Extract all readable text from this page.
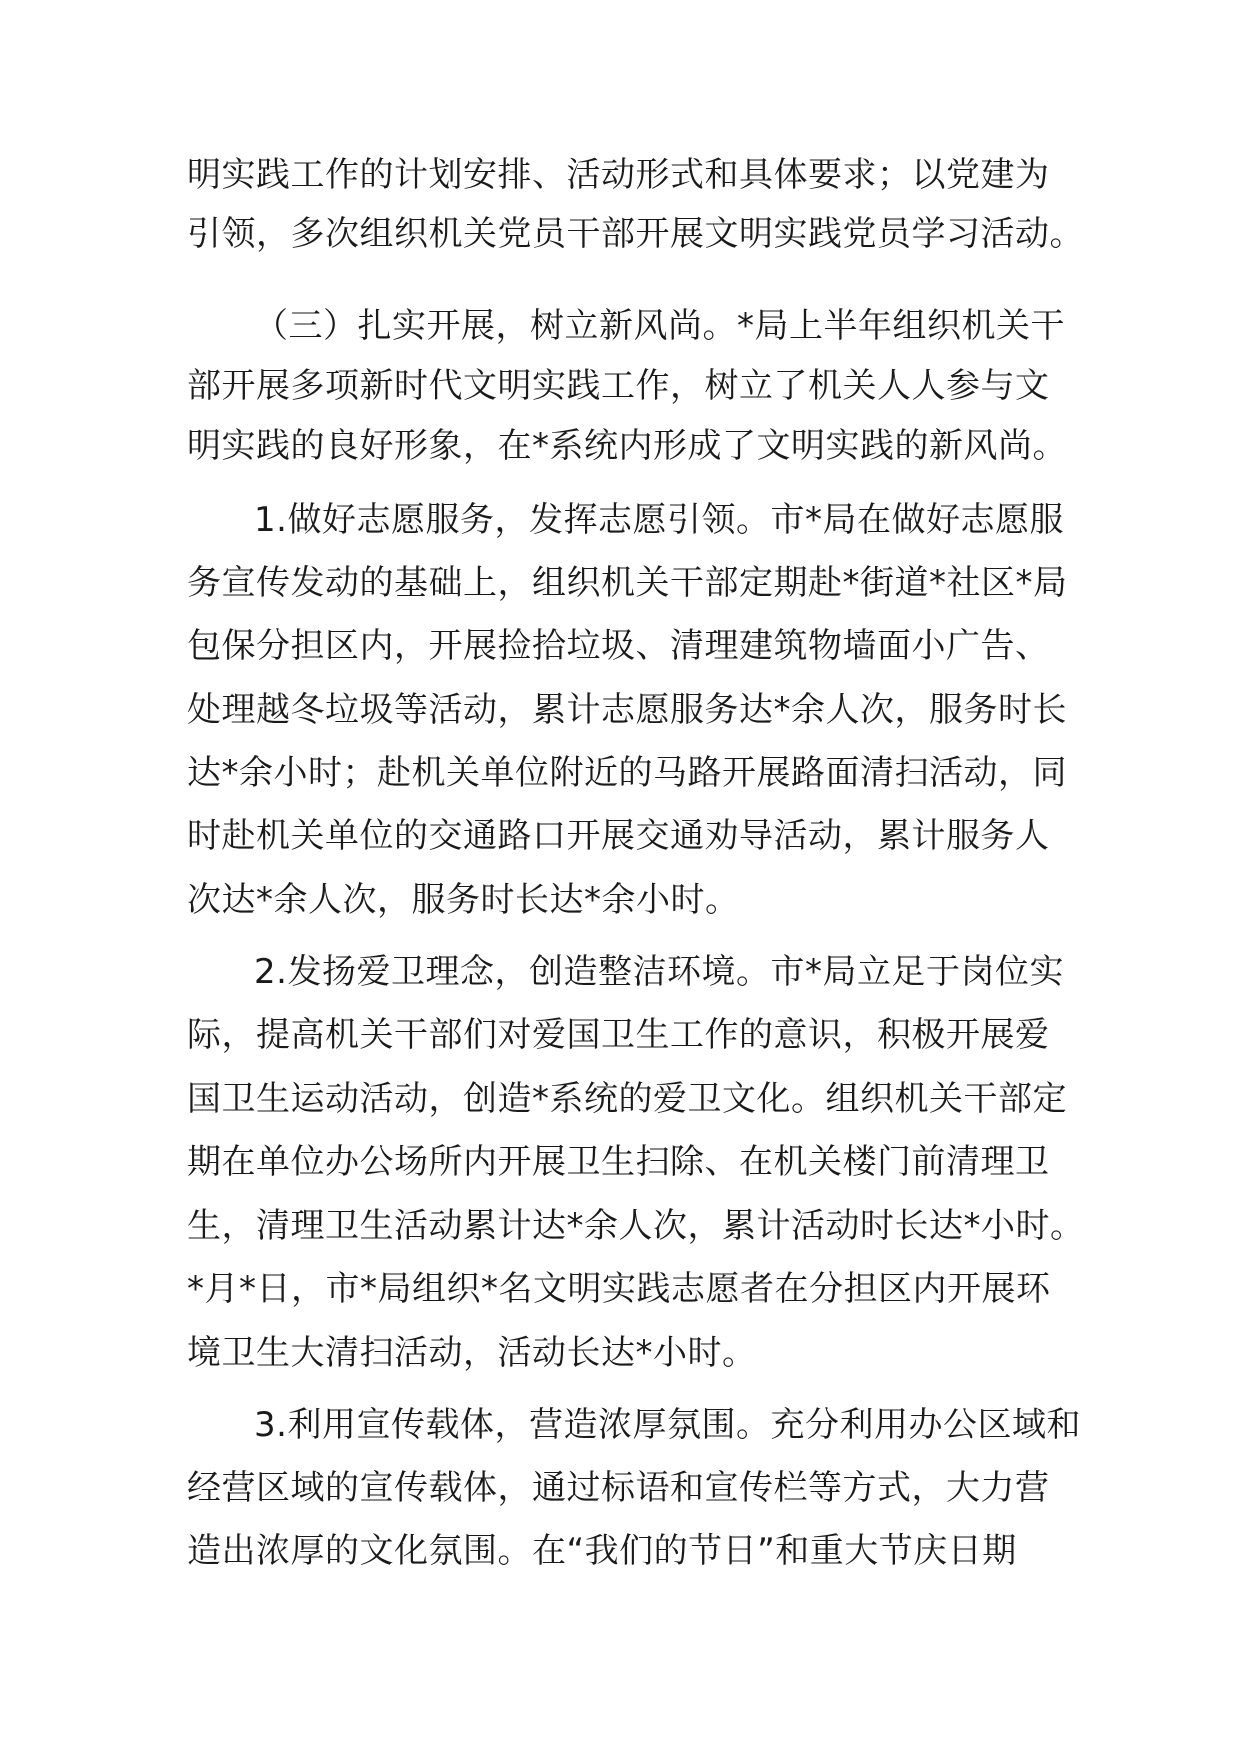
明实践工作的计划安排、活动形式和具体要求；以党建为
引领，多次组织机关党员干部开展文明实践党员学习活动。
（三）扎实开展，树立新风尚。*局上半年组织机关干
部开展多项新时代文明实践工作，树立了机关人人参与文
明实践的良好形象，在*系统内形成了文明实践的新风尚。
1.做好志愿服务，发挥志愿引领。市*局在做好志愿服
务宣传发动的基础上，组织机关干部定期赴*街道*社区*局
包保分担区内，开展捡拾垃圾、清理建筑物墙面小广告、
处理越冬垃圾等活动，累计志愿服务达*余人次，服务时长
达*余小时；赴机关单位附近的马路开展路面清扫活动，同
时赴机关单位的交通路口开展交通劝导活动，累计服务人
次达*余人次，服务时长达*余小时。
2.发扬爱卫理念，创造整洁环境。市*局立足于岗位实
际，提高机关干部们对爱国卫生工作的意识，积极开展爱
国卫生运动活动，创造*系统的爱卫文化。组织机关干部定
期在单位办公场所内开展卫生扫除、在机关楼门前清理卫
生，清理卫生活动累计达*余人次，累计活动时长达*小时。
*月*日，市*局组织*名文明实践志愿者在分担区内开展环
境卫生大清扫活动，活动长达*小时。
3.利用宣传载体，营造浓厚氛围。充分利用办公区域和
经营区域的宣传载体，通过标语和宣传栏等方式，大力营
造出浓厚的文化氛围。在“我们的节日”和重大节庆日期
